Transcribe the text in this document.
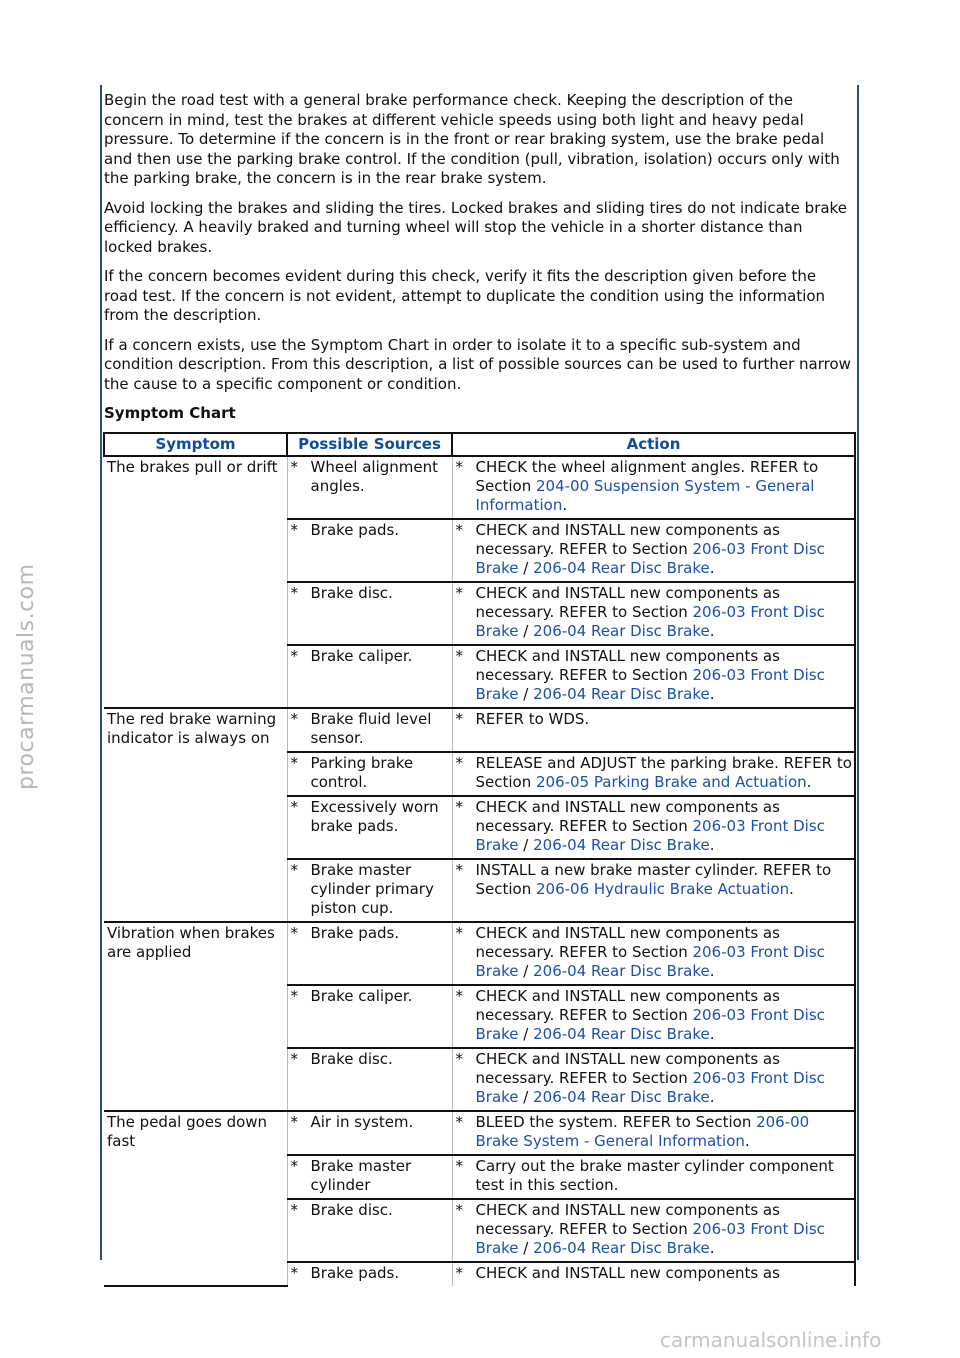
Begin the road test with a general brake performance check. Keeping the description of the concern in mind, test the brakes at different vehicle speeds using both light and heavy pedal pressure. To determine if the concern is in the front or rear braking system, use the brake pedal and then use the parking brake control. If the condition (pull, vibration, isolation) occurs only with the parking brake, the concern is in the rear brake system.

Avoid locking the brakes and sliding the tires. Locked brakes and sliding tires do not indicate brake efficiency. A heavily braked and turning wheel will stop the vehicle in a shorter distance than locked brakes.

If the concern becomes evident during this check, verify it fits the description given before the road test. If the concern is not evident, attempt to duplicate the condition using the information from the description.

If a concern exists, use the Symptom Chart in order to isolate it to a specific sub-system and condition description. From this description, a list of possible sources can be used to further narrow the cause to a specific component or condition.

Symptom Chart
Symptom	Possible Sources	Action
The brakes pull or drift	* Wheel alignment angles.	* CHECK the wheel alignment angles. REFER to Section 204-00 Suspension System - General Information.

	* Brake pads.	* CHECK and INSTALL new components as necessary. REFER to Section 206-03 Front Disc Brake / 206-04 Rear Disc Brake.

	* Brake disc.	* CHECK and INSTALL new components as necessary. REFER to Section 206-03 Front Disc Brake / 206-04 Rear Disc Brake.

	* Brake caliper.	* CHECK and INSTALL new components as necessary. REFER to Section 206-03 Front Disc Brake / 206-04 Rear Disc Brake.

The red brake warning indicator is always on	* Brake fluid level sensor.	* REFER to WDS.

	* Parking brake control.	* RELEASE and ADJUST the parking brake. REFER to Section 206-05 Parking Brake and Actuation.

	* Excessively worn brake pads.	* CHECK and INSTALL new components as necessary. REFER to Section 206-03 Front Disc Brake / 206-04 Rear Disc Brake.

	* Brake master cylinder primary piston cup.	* INSTALL a new brake master cylinder. REFER to Section 206-06 Hydraulic Brake Actuation.

Vibration when brakes are applied	* Brake pads.	* CHECK and INSTALL new components as necessary. REFER to Section 206-03 Front Disc Brake / 206-04 Rear Disc Brake.

	* Brake caliper.	* CHECK and INSTALL new components as necessary. REFER to Section 206-03 Front Disc Brake / 206-04 Rear Disc Brake.

	* Brake disc.	* CHECK and INSTALL new components as necessary. REFER to Section 206-03 Front Disc Brake / 206-04 Rear Disc Brake.

The pedal goes down fast	* Air in system.	* BLEED the system. REFER to Section 206-00 Brake System - General Information.

	* Brake master cylinder	* Carry out the brake master cylinder component test in this section.

	* Brake disc.	* CHECK and INSTALL new components as necessary. REFER to Section 206-03 Front Disc Brake / 206-04 Rear Disc Brake.

	* Brake pads.	* CHECK and INSTALL new components as
procarmanuals.com
carmanualsonline.info
